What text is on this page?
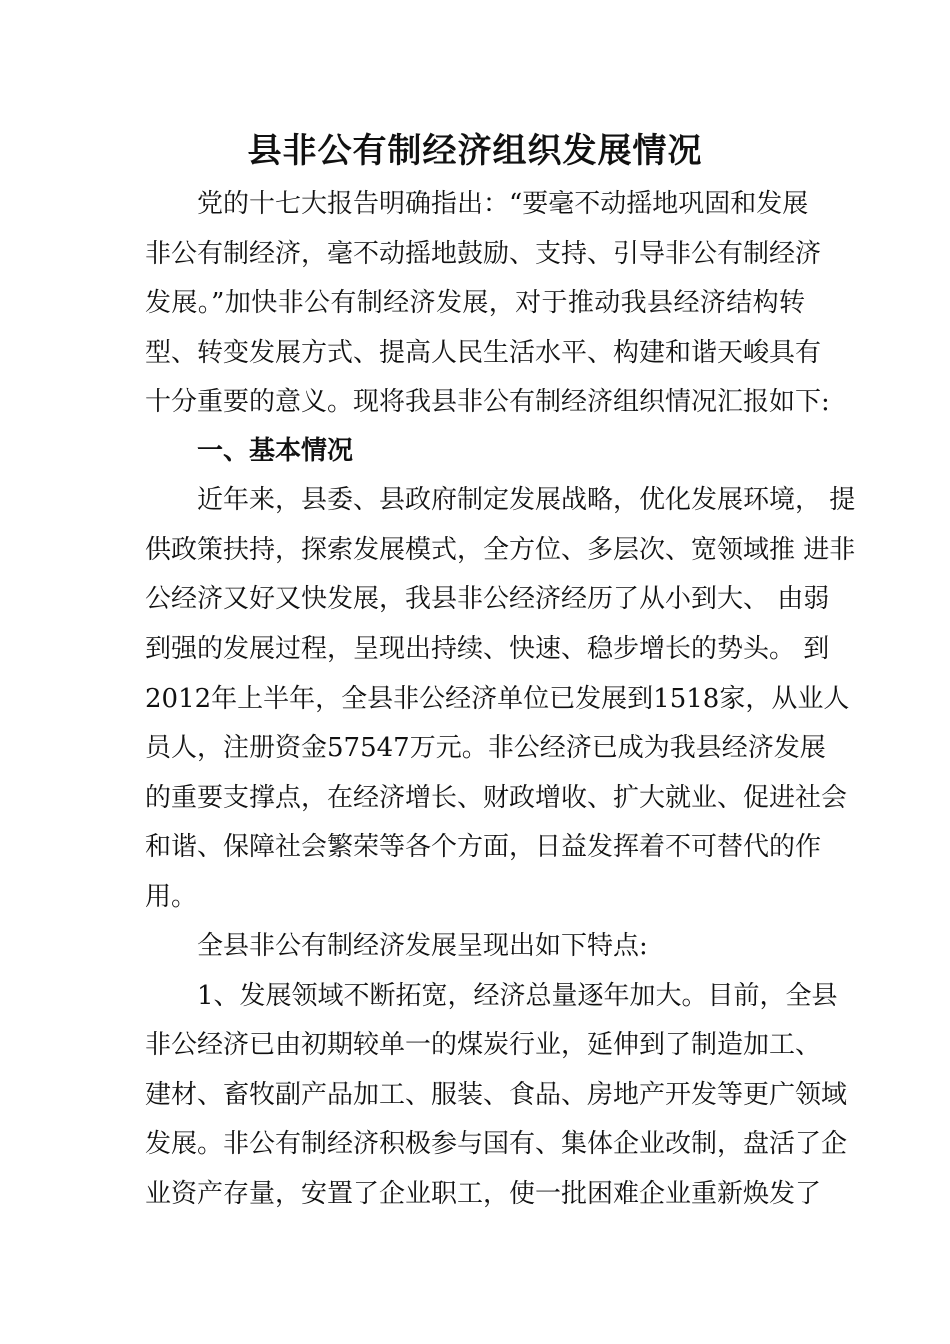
县非公有制经济组织发展情况
党的十七大报告明确指出：“要毫不动摇地巩固和发展
非公有制经济，毫不动摇地鼓励、支持、引导非公有制经济
发展。”加快非公有制经济发展，对于推动我县经济结构转
型、转变发展方式、提高人民生活水平、构建和谐天峻具有
十分重要的意义。现将我县非公有制经济组织情况汇报如下:
一、基本情况
近年来，县委、县政府制定发展战略，优化发展环境， 提
供政策扶持，探索发展模式，全方位、多层次、宽领域推 进非
公经济又好又快发展，我县非公经济经历了从小到大、 由弱
到强的发展过程，呈现出持续、快速、稳步增长的势头。 到
2012年上半年，全县非公经济单位已发展到1518家，从业人
员人，注册资金57547万元。非公经济已成为我县经济发展
的重要支撑点，在经济增长、财政增收、扩大就业、促进社会
和谐、保障社会繁荣等各个方面，日益发挥着不可替代的作
用。
全县非公有制经济发展呈现出如下特点:
1、发展领域不断拓宽，经济总量逐年加大。目前，全县
非公经济已由初期较单一的煤炭行业，延伸到了制造加工、
建材、畜牧副产品加工、服装、食品、房地产开发等更广领域
发展。非公有制经济积极参与国有、集体企业改制，盘活了企
业资产存量，安置了企业职工，使一批困难企业重新焕发了
